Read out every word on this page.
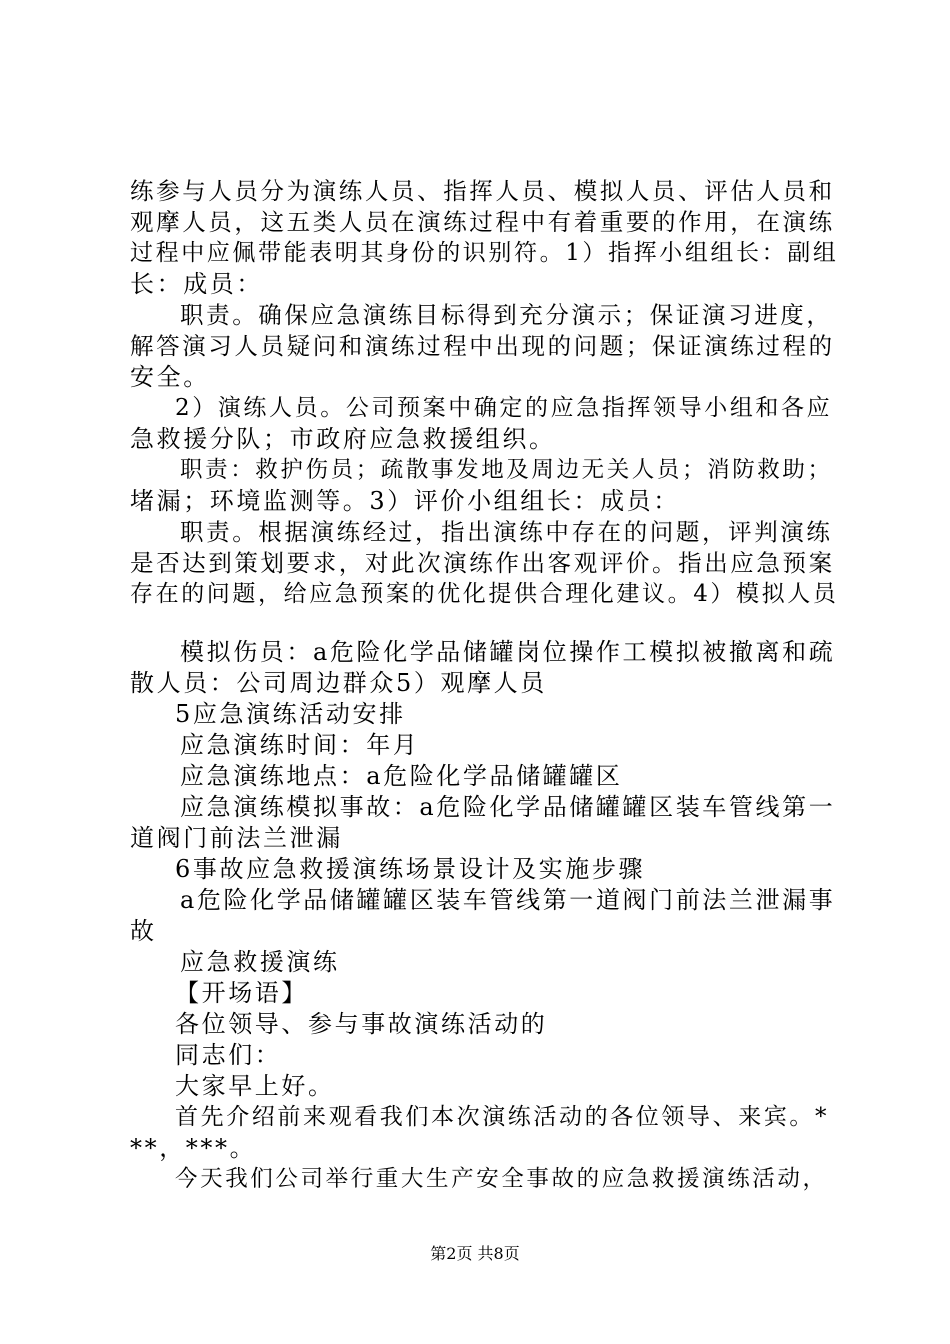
练参与人员分为演练人员、指挥人员、模拟人员、评估人员和
观摩人员，这五类人员在演练过程中有着重要的作用，在演练
过程中应佩带能表明其身份的识别符。1）指挥小组组长：副组
长：成员：
职责。确保应急演练目标得到充分演示；保证演习进度，
解答演习人员疑问和演练过程中出现的问题；保证演练过程的
安全。
2）演练人员。公司预案中确定的应急指挥领导小组和各应
急救援分队；市政府应急救援组织。
职责：救护伤员；疏散事发地及周边无关人员；消防救助；
堵漏；环境监测等。3）评价小组组长：成员：
职责。根据演练经过，指出演练中存在的问题，评判演练
是否达到策划要求，对此次演练作出客观评价。指出应急预案
存在的问题，给应急预案的优化提供合理化建议。4）模拟人员
模拟伤员：a危险化学品储罐岗位操作工模拟被撤离和疏
散人员：公司周边群众5）观摩人员
5应急演练活动安排
应急演练时间：年月
应急演练地点：a危险化学品储罐罐区
应急演练模拟事故：a危险化学品储罐罐区装车管线第一
道阀门前法兰泄漏
6事故应急救援演练场景设计及实施步骤
a危险化学品储罐罐区装车管线第一道阀门前法兰泄漏事
故
应急救援演练
【开场语】
各位领导、参与事故演练活动的
同志们：
大家早上好。
首先介绍前来观看我们本次演练活动的各位领导、来宾。*
**，***。
今天我们公司举行重大生产安全事故的应急救援演练活动，
第2页 共8页
